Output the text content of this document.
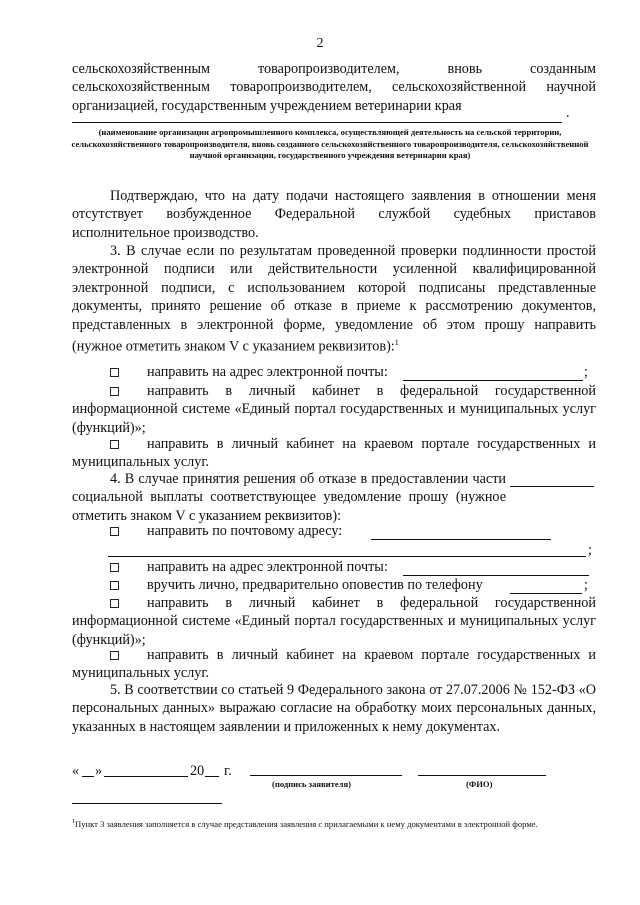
2

сельскохозяйственным товаропроизводителем, вновь созданным сельскохозяйственным товаропроизводителем, сельскохозяйственной научной организацией, государственным учреждением ветеринарии края	.
(наименование организации агропромышленного комплекса, осуществляющей деятельность на сельской территории, сельскохозяйственного товаропроизводителя, вновь созданного сельскохозяйственного товаропроизводителя, сельскохозяйственной научной организации, государственного учреждения ветеринарии края)

Подтверждаю, что на дату подачи настоящего заявления в отношении меня отсутствует возбужденное Федеральной службой судебных приставов исполнительное производство.

3. В случае если по результатам проведенной проверки подлинности простой электронной подписи или действительности усиленной квалифицированной электронной подписи, с использованием которой подписаны представленные документы, принято решение об отказе в приеме к рассмотрению документов, представленных в электронной форме, уведомление об этом прошу направить (нужное отметить знаком V с указанием реквизитов):$^1$

направить на адрес электронной почты:	;

направить в личный кабинет в федеральной государственной информационной системе «Единый портал государственных и муниципальных услуг (функций)»;

направить в личный кабинет на краевом портале государственных и муниципальных услуг.

4. В случае принятия решения об отказе в предоставлении части социальной выплаты соответствующее уведомление прошу (нужное отметить знаком V с указанием реквизитов):

направить по почтовому адресу:
;
направить на адрес электронной почты:
вручить лично, предварительно оповестив по телефону	;

направить в личный кабинет в федеральной государственной информационной системе «Единый портал государственных и муниципальных услуг (функций)»;

направить в личный кабинет на краевом портале государственных и муниципальных услуг.

5. В соответствии со статьей 9 Федерального закона от 27.07.2006 № 152-ФЗ «О персональных данных» выражаю согласие на обработку моих персональных данных, указанных в настоящем заявлении и приложенных к нему документах.

« »	20 г.
(подпись заявителя)	(ФИО)
$^1$Пункт 3 заявления заполняется в случае представления заявления с прилагаемыми к нему документами в электронной форме.
